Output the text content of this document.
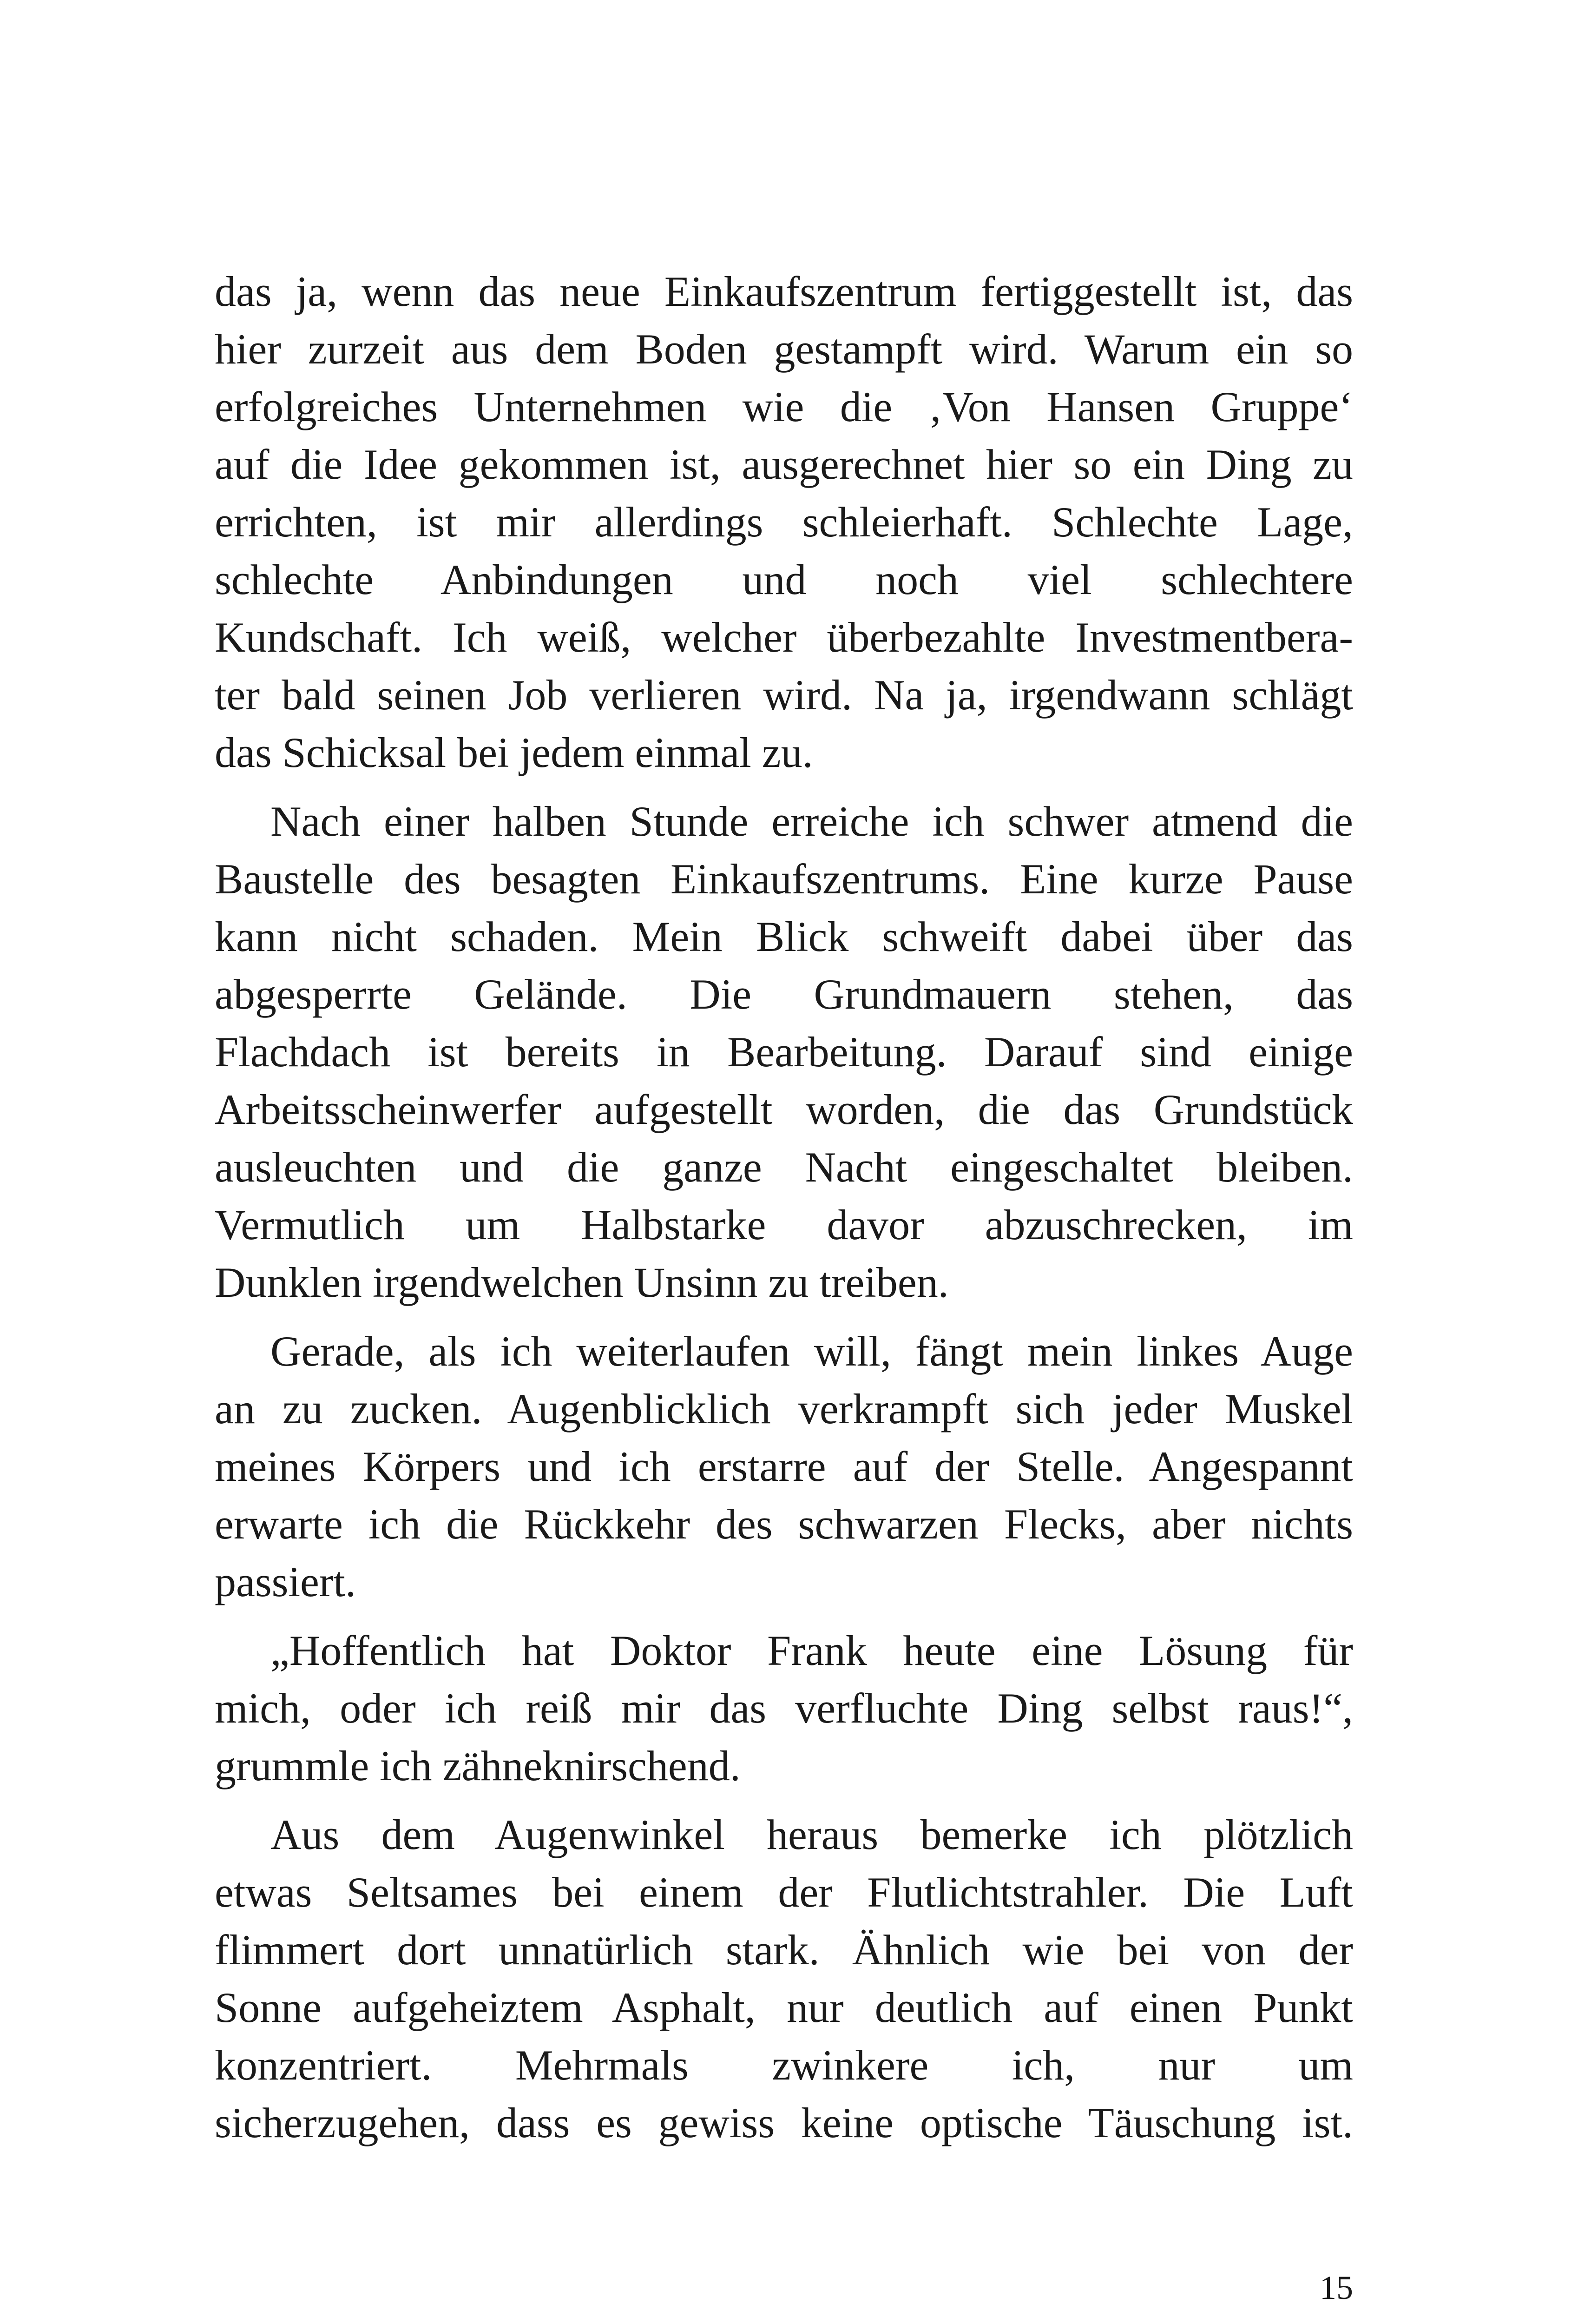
das ja, wenn das neue Einkaufszentrum fertiggestellt ist, das
hier zurzeit aus dem Boden gestampft wird. Warum ein so
erfolgreiches Unternehmen wie die ‚Von Hansen Gruppe‘
auf die Idee gekommen ist, ausgerechnet hier so ein Ding zu
errichten, ist mir allerdings schleierhaft. Schlechte Lage,
schlechte Anbindungen und noch viel schlechtere
Kundschaft. Ich weiß, welcher überbezahlte Investmentbera-
ter bald seinen Job verlieren wird. Na ja, irgendwann schlägt
das Schicksal bei jedem einmal zu.

Nach einer halben Stunde erreiche ich schwer atmend die
Baustelle des besagten Einkaufszentrums. Eine kurze Pause
kann nicht schaden. Mein Blick schweift dabei über das
abgesperrte Gelände. Die Grundmauern stehen, das
Flachdach ist bereits in Bearbeitung. Darauf sind einige
Arbeitsscheinwerfer aufgestellt worden, die das Grundstück
ausleuchten und die ganze Nacht eingeschaltet bleiben.
Vermutlich um Halbstarke davor abzuschrecken, im
Dunklen irgendwelchen Unsinn zu treiben.

Gerade, als ich weiterlaufen will, fängt mein linkes Auge
an zu zucken. Augenblicklich verkrampft sich jeder Muskel
meines Körpers und ich erstarre auf der Stelle. Angespannt
erwarte ich die Rückkehr des schwarzen Flecks, aber nichts
passiert.

„Hoffentlich hat Doktor Frank heute eine Lösung für
mich, oder ich reiß mir das verfluchte Ding selbst raus!“,
grummle ich zähneknirschend.

Aus dem Augenwinkel heraus bemerke ich plötzlich
etwas Seltsames bei einem der Flutlichtstrahler. Die Luft
flimmert dort unnatürlich stark. Ähnlich wie bei von der
Sonne aufgeheiztem Asphalt, nur deutlich auf einen Punkt
konzentriert. Mehrmals zwinkere ich, nur um
sicherzugehen, dass es gewiss keine optische Täuschung ist.

15
